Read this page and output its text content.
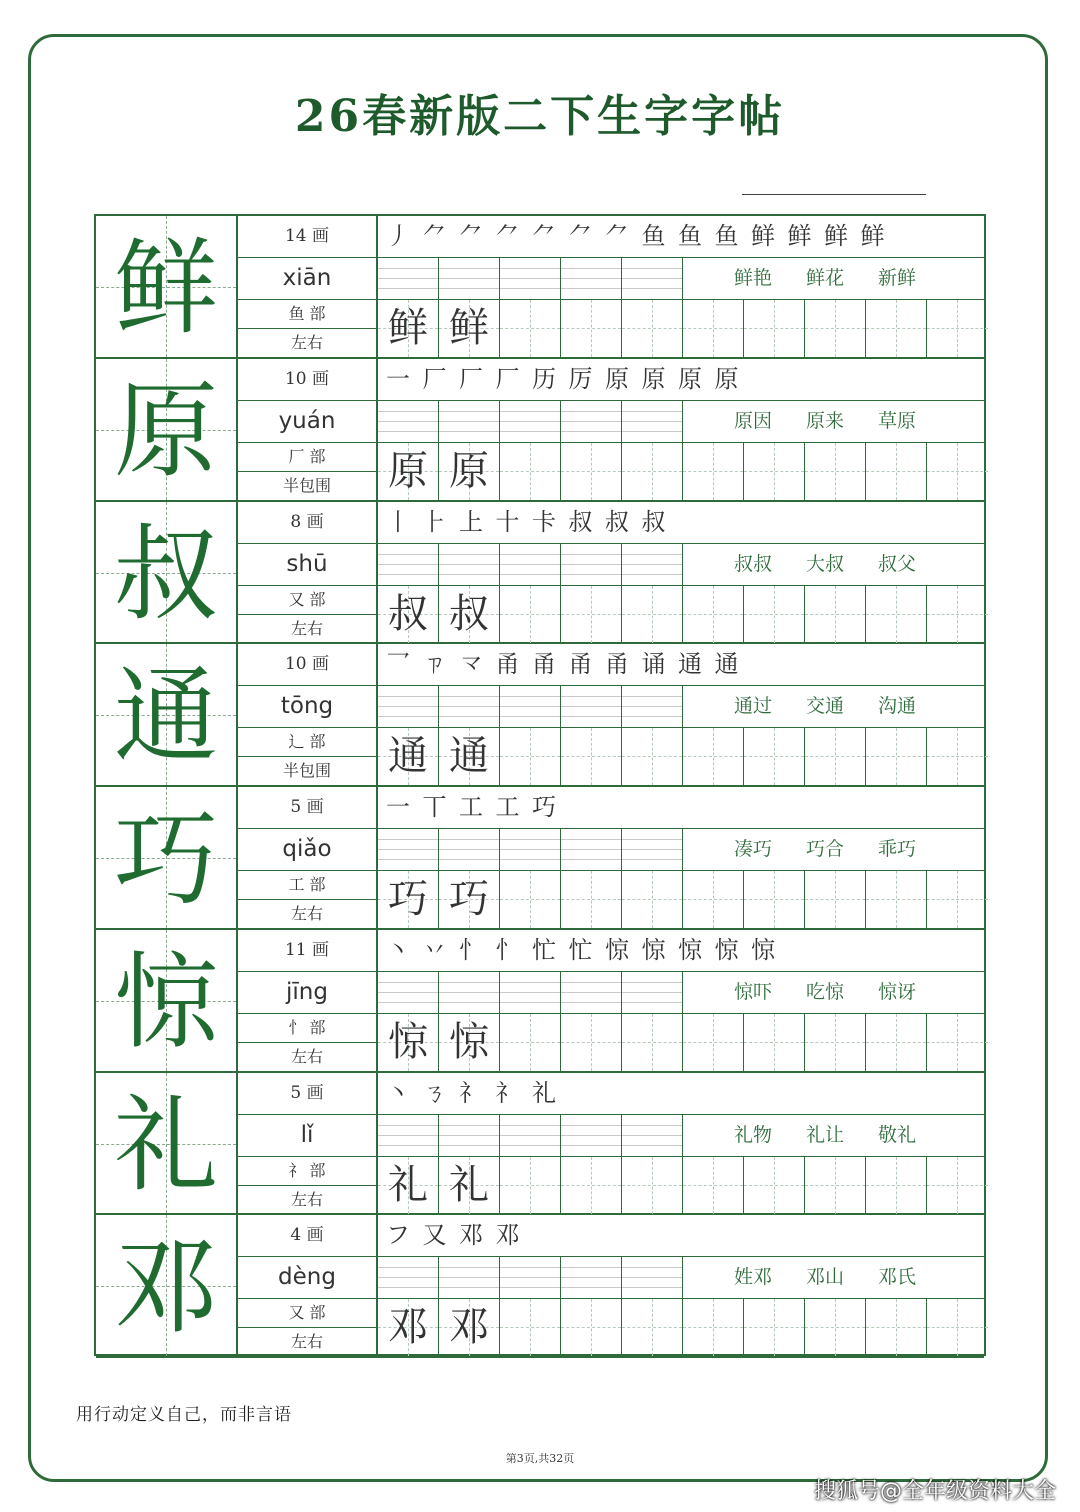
26春新版二下生字字帖
鲜	14 画
xiān
鱼 部
左右
丿 ⺈ ⺈ ⺈ ⺈ ⺈ ⺈ 鱼 鱼 鱼 鲜 鲜 鲜 鲜
鲜艳 鲜花 新鲜
鲜 鲜
原	10 画
yuán
厂 部
半包围
一 厂 厂 厂 历 厉 原 原 原 原
原因 原来 草原
原 原
叔	8 画
shū
又 部
左右
丨 ⺊ 上 十 卡 叔 叔 叔
叔叔 大叔 叔父
叔 叔
通	10 画
tōng
辶 部
半包围
乛 ㄗ 龴 甬 甬 甬 甬 诵 通 通
通过 交通 沟通
通 通
巧	5 画
qiǎo
工 部
左右
一 丅 工 工 巧
凑巧 巧合 乖巧
巧 巧
惊	11 画
jīng
忄 部
左右
丶 丷 忄 忄 忙 忙 惊 惊 惊 惊 惊
惊吓 吃惊 惊讶
惊 惊
礼	5 画
lǐ
礻 部
左右
丶 ㄋ 礻 礻 礼
礼物 礼让 敬礼
礼 礼
邓	4 画
dèng
又 部
左右
フ 又 邓 邓
姓邓 邓山 邓氏
邓 邓
用行动定义自己，而非言语
第3页,共32页
搜狐号@全年级资料大全
